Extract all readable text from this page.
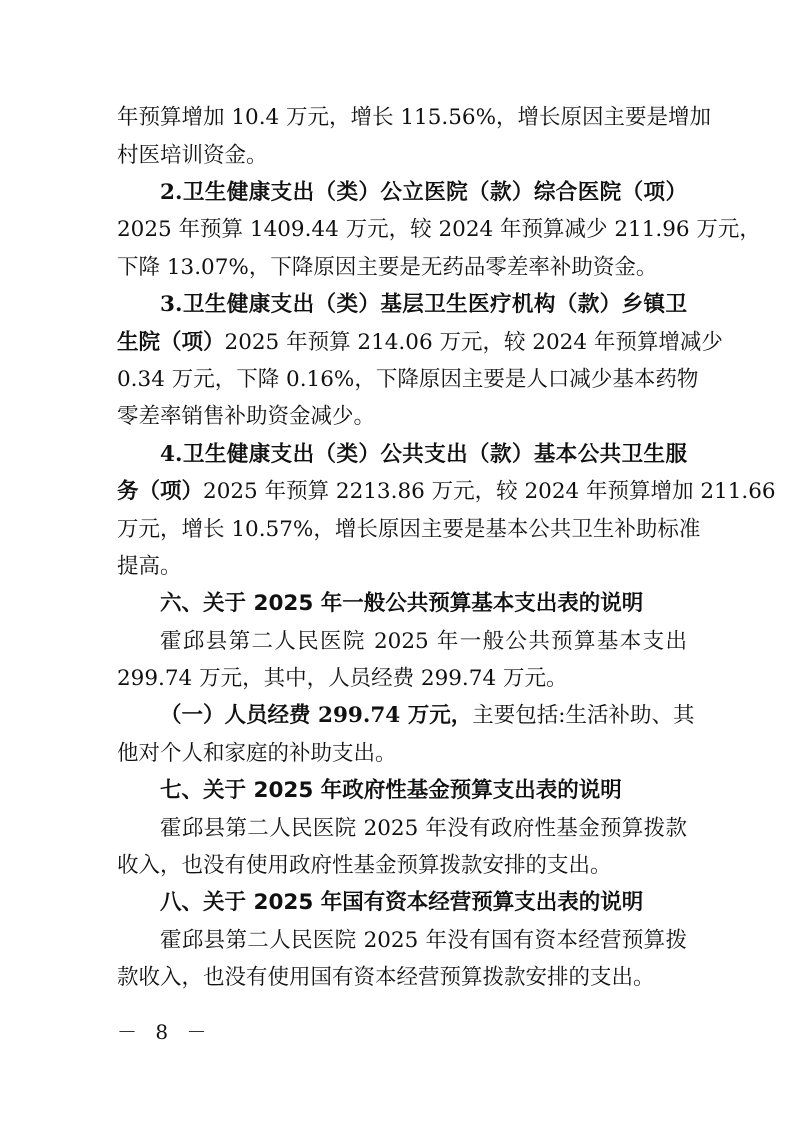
年预算增加 10.4 万元，增长 115.56%，增长原因主要是增加
村医培训资金。
2.卫生健康支出（类）公立医院（款）综合医院（项）
2025 年预算 1409.44 万元，较 2024 年预算减少 211.96 万元，
下降 13.07%，下降原因主要是无药品零差率补助资金。
3.卫生健康支出（类）基层卫生医疗机构（款）乡镇卫
生院（项）2025 年预算 214.06 万元，较 2024 年预算增减少
0.34 万元，下降 0.16%，下降原因主要是人口减少基本药物
零差率销售补助资金减少。
4.卫生健康支出（类）公共支出（款）基本公共卫生服
务（项）2025 年预算 2213.86 万元，较 2024 年预算增加 211.66
万元，增长 10.57%，增长原因主要是基本公共卫生补助标准
提高。
六、关于 2025 年一般公共预算基本支出表的说明
霍邱县第二人民医院 2025 年一般公共预算基本支出
299.74 万元，其中，人员经费 299.74 万元。
（一）人员经费 299.74 万元，主要包括:生活补助、其
他对个人和家庭的补助支出。
七、关于 2025 年政府性基金预算支出表的说明
霍邱县第二人民医院 2025 年没有政府性基金预算拨款
收入，也没有使用政府性基金预算拨款安排的支出。
八、关于 2025 年国有资本经营预算支出表的说明
霍邱县第二人民医院 2025 年没有国有资本经营预算拨
款收入，也没有使用国有资本经营预算拨款安排的支出。
－ 8 －
